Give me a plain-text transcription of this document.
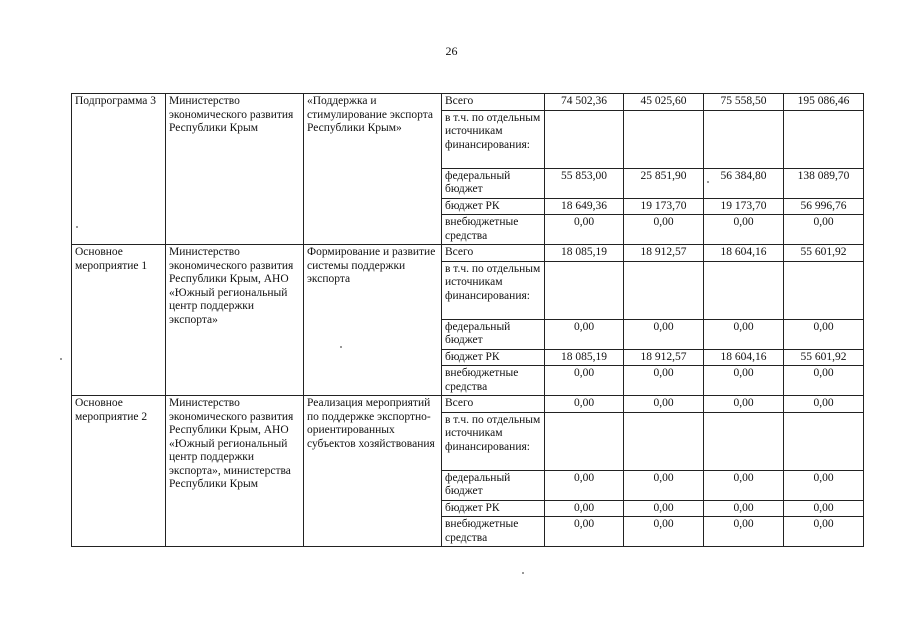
26
Подпрограмма 3	Министерство экономического развития Республики Крым	«Поддержка и стимулирование экспорта Республики Крым»	Всего	74 502,36	45 025,60	75 558,50	195 086,46
			в т.ч. по отдельным источникам финансирования:				
			федеральный бюджет	55 853,00	25 851,90	56 384,80	138 089,70
			бюджет РК	18 649,36	19 173,70	19 173,70	56 996,76
			внебюджетные средства	0,00	0,00	0,00	0,00
Основное мероприятие 1	Министерство экономического развития Республики Крым, АНО «Южный региональный центр поддержки экспорта»	Формирование и развитие системы поддержки экспорта	Всего	18 085,19	18 912,57	18 604,16	55 601,92
			в т.ч. по отдельным источникам финансирования:				
			федеральный бюджет	0,00	0,00	0,00	0,00
			бюджет РК	18 085,19	18 912,57	18 604,16	55 601,92
			внебюджетные средства	0,00	0,00	0,00	0,00
Основное мероприятие 2	Министерство экономического развития Республики Крым, АНО «Южный региональный центр поддержки экспорта», министерства Республики Крым	Реализация мероприятий по поддержке экспортно-ориентированных субъектов хозяйствования	Всего	0,00	0,00	0,00	0,00
			в т.ч. по отдельным источникам финансирования:				
			федеральный бюджет	0,00	0,00	0,00	0,00
			бюджет РК	0,00	0,00	0,00	0,00
			внебюджетные средства	0,00	0,00	0,00	0,00
